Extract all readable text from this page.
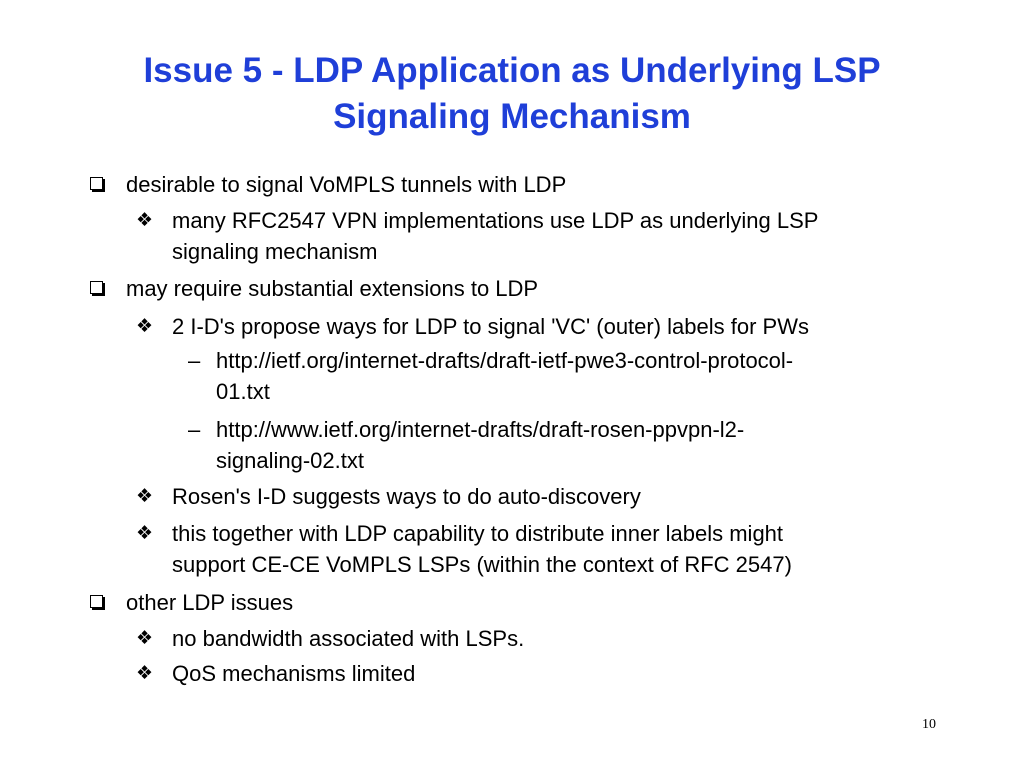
Issue 5 - LDP Application as Underlying LSP
Signaling Mechanism
desirable to signal VoMPLS tunnels with LDP
❖ many RFC2547 VPN implementations use LDP as underlying LSP
signaling mechanism
may require substantial extensions to LDP
❖ 2 I-D's propose ways for LDP to signal 'VC' (outer) labels for PWs
– http://ietf.org/internet-drafts/draft-ietf-pwe3-control-protocol-
01.txt
– http://www.ietf.org/internet-drafts/draft-rosen-ppvpn-l2-
signaling-02.txt
❖ Rosen's I-D suggests ways to do auto-discovery
❖ this together with LDP capability to distribute inner labels might
support CE-CE VoMPLS LSPs (within the context of RFC 2547)
other LDP issues
❖ no bandwidth associated with LSPs.
❖ QoS mechanisms limited
10
